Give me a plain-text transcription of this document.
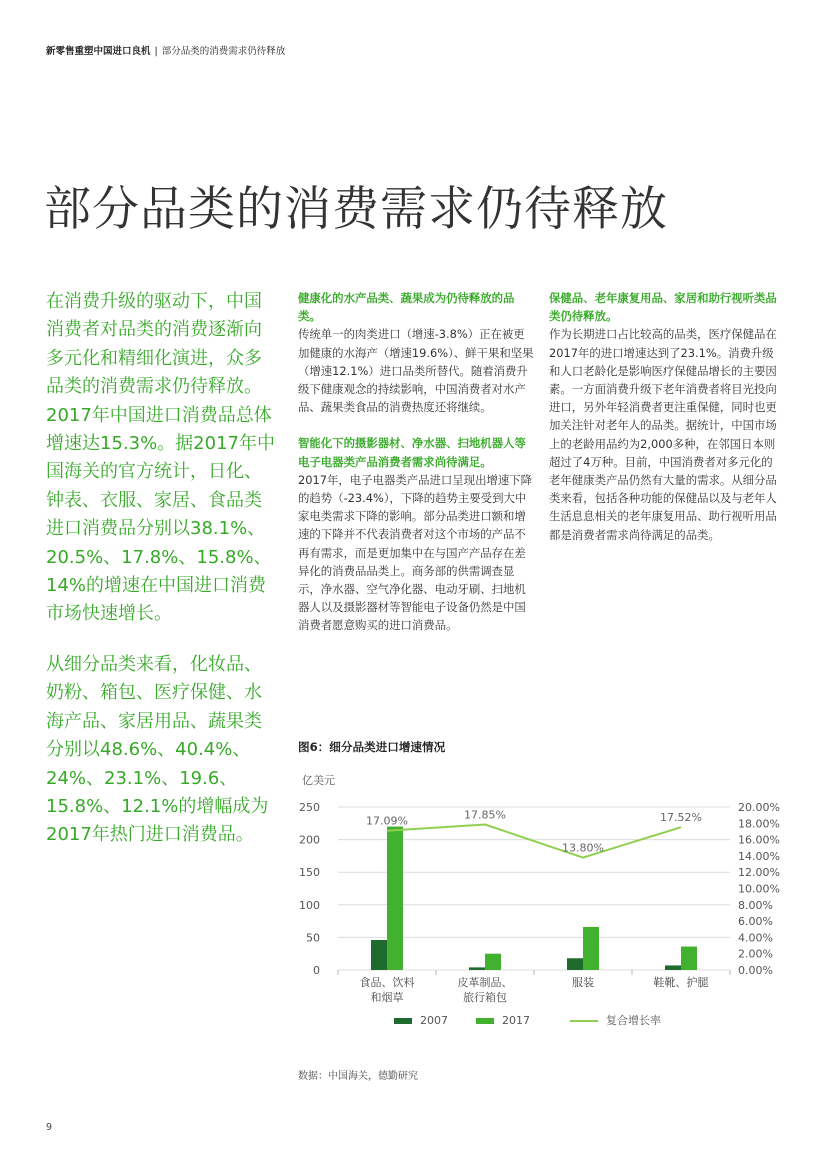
新零售重塑中国进口良机 | 部分品类的消费需求仍待释放
部分品类的消费需求仍待释放

在消费升级的驱动下，中国消费者对品类的消费逐渐向多元化和精细化演进，众多品类的消费需求仍待释放。2017年中国进口消费品总体增速达15.3%。据2017年中国海关的官方统计，日化、钟表、衣服、家居、食品类进口消费品分别以38.1%、20.5%、17.8%、15.8%、14%的增速在中国进口消费市场快速增长。

从细分品类来看，化妆品、奶粉、箱包、医疗保健、水海产品、家居用品、蔬果类分别以48.6%、40.4%、24%、23.1%、19.6、15.8%、12.1%的增幅成为2017年热门进口消费品。

健康化的水产品类、蔬果成为仍待释放的品类。

传统单一的肉类进口（增速-3.8%）正在被更加健康的水海产（增速19.6%）、鲜干果和坚果（增速12.1%）进口品类所替代。随着消费升级下健康观念的持续影响，中国消费者对水产品、蔬果类食品的消费热度还将继续。

智能化下的摄影器材、净水器、扫地机器人等电子电器类产品消费者需求尚待满足。

2017年，电子电器类产品进口呈现出增速下降的趋势（-23.4%），下降的趋势主要受到大中家电类需求下降的影响。部分品类进口额和增速的下降并不代表消费者对这个市场的产品不再有需求，而是更加集中在与国产产品存在差异化的消费品品类上。商务部的供需调查显示，净水器、空气净化器、电动牙刷、扫地机器人以及摄影器材等智能电子设备仍然是中国消费者愿意购买的进口消费品。

保健品、老年康复用品、家居和助行视听类品类仍待释放。

作为长期进口占比较高的品类，医疗保健品在2017年的进口增速达到了23.1%。消费升级和人口老龄化是影响医疗保健品增长的主要因素。一方面消费升级下老年消费者将目光投向进口，另外年轻消费者更注重保健，同时也更加关注针对老年人的品类。据统计，中国市场上的老龄用品约为2,000多种，在邻国日本则超过了4万种。目前，中国消费者对多元化的老年健康类产品仍然有大量的需求。从细分品类来看，包括各种功能的保健品以及与老年人生活息息相关的老年康复用品、助行视听用品都是消费者需求尚待满足的品类。

图6：细分品类进口增速情况
亿美元
250
200
150
100
50
0
20.00%
18.00%
16.00%
14.00%
12.00%
10.00%
8.00%
6.00%
4.00%
2.00%
0.00%
食品、饮料
和烟草
皮革制品、
旅行箱包
服装	鞋靴、护腿
17.09%	17.85%
13.80%
17.52%
2007	2017	复合增长率
数据：中国海关，德勤研究
9
